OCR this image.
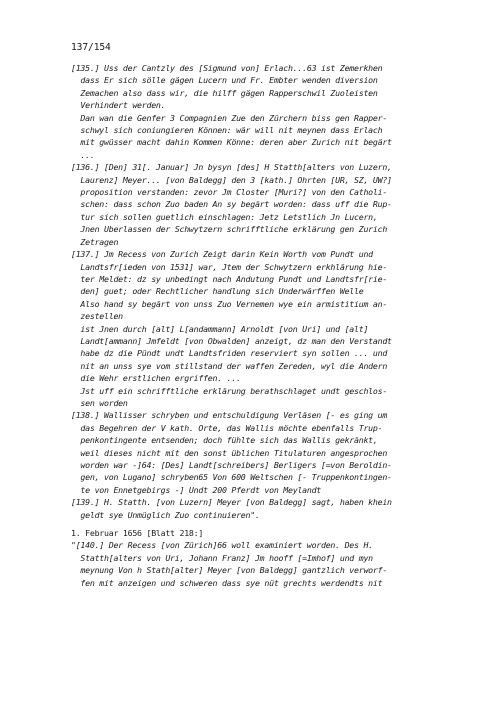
137/154
[135.] Uss der Cantzly des [Sigmund von] Erlach...63 ist Zemerkhen
dass Er sich sölle gägen Lucern und Fr. Embter wenden diversion
Zemachen also dass wir, die hilff gägen Rapperschwil Zuoleisten
Verhindert werden.
Dan wan die Genfer 3 Compagnien Zue den Zürchern biss gen Rapper-
schwyl sich coniungieren Können: wär will nit meynen dass Erlach
mit gwüsser macht dahin Kommen Könne: deren aber Zurich nit begärt
...
[136.] [Den] 31[. Januar] Jn bysyn [des] H Statth[alters von Luzern,
Laurenz] Meyer... [von Baldegg] den 3 [kath.] Ohrten [UR, SZ, UW?]
proposition verstanden: zevor Jm Closter [Muri?] von den Catholi-
schen: dass schon Zuo baden An sy begärt worden: dass uff die Rup-
tur sich sollen guetlich einschlagen: Jetz Letstlich Jn Lucern,
Jnen Uberlassen der Schwytzern schrifftliche erklärung gen Zurich
Zetragen
[137.] Jm Recess von Zurich Zeigt darin Kein Worth vom Pundt und
Landtsfr[ieden von 1531] war, Jtem der Schwytzern erkhlärung hie-
ter Meldet: dz sy unbedingt nach Andutung Pundt und Landtsfr[rie-
den] guet; oder Rechtlicher handlung sich Underwärffen Welle
Also hand sy begärt von unss Zuo Vernemen wye ein armistitium an-
zestellen
ist Jnen durch [alt] L[andammann] Arnoldt [von Uri] und [alt]
Landt[ammann] Jmfeldt [von Obwalden] anzeigt, dz man den Verstandt
habe dz die Pündt undt Landtsfriden reserviert syn sollen ... und
nit an unss sye vom stillstand der waffen Zereden, wyl die Andern
die Wehr erstlichen ergriffen. ...
Jst uff ein schrifftliche erklärung berathschlaget undt geschlos-
sen worden
[138.] Wallisser schryben und entschuldigung Verläsen [- es ging um
das Begehren der V kath. Orte, das Wallis möchte ebenfalls Trup-
penkontingente entsenden; doch fühlte sich das Wallis gekränkt,
weil dieses nicht mit den sonst üblichen Titulaturen angesprochen
worden war -]64: [Des] Landt[schreibers] Berligers [=von Beroldin-
gen, von Lugano] schryben65 Von 600 Weltschen [- Truppenkontingen-
te von Ennetgebirgs -] Undt 200 Pferdt von Meylandt
[139.] H. Statth. [von Luzern] Meyer [von Baldegg] sagt, haben khein
geldt sye Unmüglich Zuo continuieren".
1. Februar 1656 [Blatt 218:]
"[140.] Der Recess [von Zürich]66 woll examiniert worden. Des H.
Statth[alters von Uri, Johann Franz] Jm hooff [=Imhof] und myn
meynung Von h Stath[alter] Meyer [von Baldegg] gantzlich verworf-
fen mit anzeigen und schweren dass sye nüt grechts werdendts nit
